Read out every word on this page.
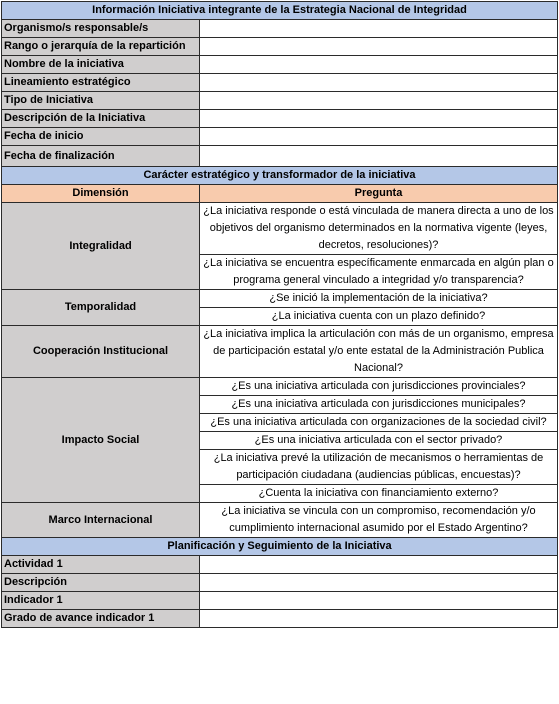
Información Iniciativa integrante de la Estrategia Nacional de Integridad	
Organismo/s responsable/s	
Rango o jerarquía de la repartición	
Nombre de la iniciativa	
Lineamiento estratégico	
Tipo de Iniciativa	
Descripción de la Iniciativa	
Fecha de inicio	
Fecha de finalización	
Carácter estratégico y transformador de la iniciativa	
Dimensión	Pregunta
Integralidad	¿La iniciativa responde o está vinculada de manera directa a uno de los objetivos del organismo determinados en la normativa vigente (leyes, decretos, resoluciones)?
	¿La iniciativa se encuentra específicamente enmarcada en algún plan o programa general vinculado a integridad y/o transparencia?
Temporalidad	¿Se inició la implementación de la iniciativa?
	¿La iniciativa cuenta con un plazo definido?
Cooperación Institucional	¿La iniciativa implica la articulación con más de un organismo, empresa de participación estatal y/o ente estatal de la Administración Publica Nacional?
Impacto Social	¿Es una iniciativa articulada con jurisdicciones provinciales?
	¿Es una iniciativa articulada con jurisdicciones municipales?
	¿Es una iniciativa articulada con organizaciones de la sociedad civil?
	¿Es una iniciativa articulada con el sector privado?
	¿La iniciativa prevé la utilización de mecanismos o herramientas de participación ciudadana (audiencias públicas, encuestas)?
	¿Cuenta la iniciativa con financiamiento externo?
Marco Internacional	¿La iniciativa se vincula con un compromiso, recomendación y/o cumplimiento internacional asumido por el Estado Argentino?
Planificación y Seguimiento de la Iniciativa	
Actividad 1	
Descripción	
Indicador 1	
Grado de avance indicador 1	
